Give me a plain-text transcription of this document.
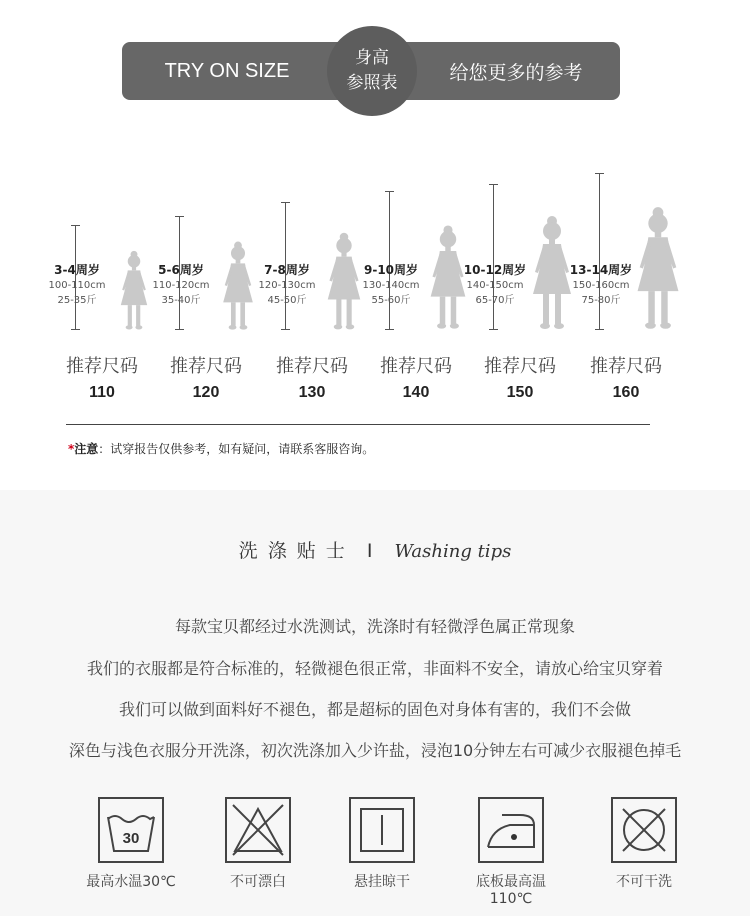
TRY ON SIZE	给您更多的参考
身高
参照表
3-4周岁
100-110cm
25-35斤
推荐尺码
110
5-6周岁
110-120cm
35-40斤
推荐尺码
120
7-8周岁
120-130cm
45-50斤
推荐尺码
130
9-10周岁
130-140cm
55-60斤
推荐尺码
140
10-12周岁
140-150cm
65-70斤
推荐尺码
150
13-14周岁
150-160cm
75-80斤
推荐尺码
160
*注意：试穿报告仅供参考，如有疑问，请联系客服咨询。
洗 涤 贴 士 I Washing tips
每款宝贝都经过水洗测试，洗涤时有轻微浮色属正常现象
我们的衣服都是符合标准的，轻微褪色很正常，非面料不安全，请放心给宝贝穿着
我们可以做到面料好不褪色，都是超标的固色对身体有害的，我们不会做
深色与浅色衣服分开洗涤，初次洗涤加入少许盐，浸泡10分钟左右可减少衣服褪色掉毛
30
最高水温30℃	不可漂白	悬挂晾干	底板最高温110℃
不可干洗
